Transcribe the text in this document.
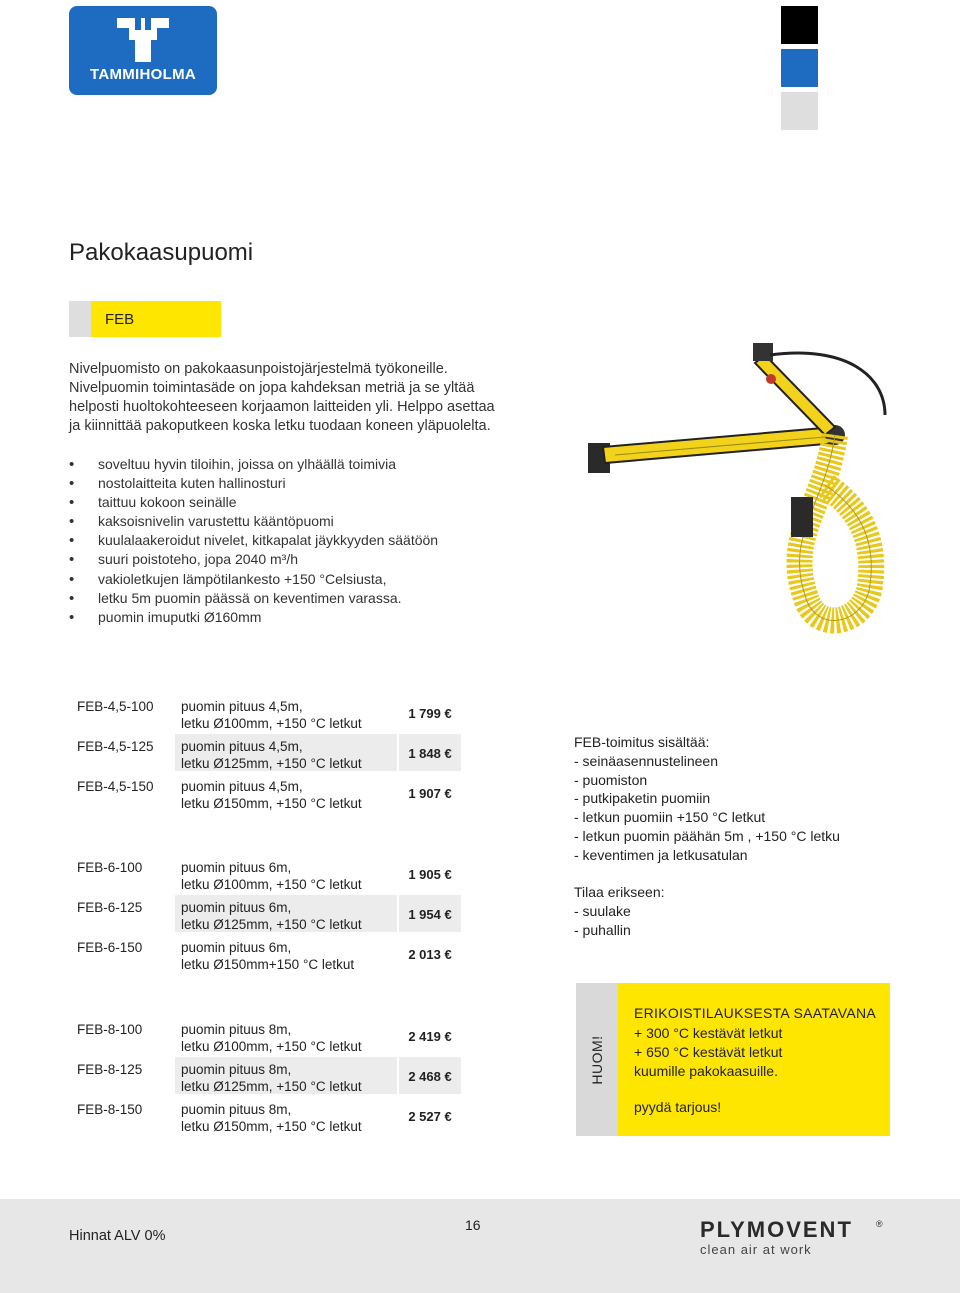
TAMMIHOLMA
Pakokaasupuomi
FEB
Nivelpuomisto on pakokaasunpoistojärjestelmä työkoneille. Nivelpuomin toimintasäde on jopa kahdeksan metriä ja se yltää helposti huoltokohteeseen korjaamon laitteiden yli. Helppo asettaa ja kiinnittää pakoputkeen koska letku tuodaan koneen yläpuolelta.
• soveltuu hyvin tiloihin, joissa on ylhäällä toimivia
• nostolaitteita kuten hallinosturi
• taittuu kokoon seinälle
• kaksoisnivelin varustettu kääntöpuomi
• kuulalaakeroidut nivelet, kitkapalat jäykkyyden säätöön
• suuri poistoteho, jopa 2040 m³/h
• vakioletkujen lämpötilankesto +150 °Celsiusta,
• letku 5m puomin päässä on keventimen varassa.
• puomin imuputki Ø160mm
FEB-4,5-100 puomin pituus 4,5m,
letku Ø100mm, +150 °C letkut
1 799 €
FEB-4,5-125 puomin pituus 4,5m,
letku Ø125mm, +150 °C letkut
1 848 €
FEB-4,5-150 puomin pituus 4,5m,
letku Ø150mm, +150 °C letkut
1 907 €
FEB-6-100	puomin pituus 6m,
letku Ø100mm, +150 °C letkut
1 905 €
FEB-6-125	puomin pituus 6m,
letku Ø125mm, +150 °C letkut
1 954 €
FEB-6-150	puomin pituus 6m,
letku Ø150mm+150 °C letkut
2 013 €
FEB-8-100	puomin pituus 8m,
letku Ø100mm, +150 °C letkut
2 419 €
FEB-8-125	puomin pituus 8m,
letku Ø125mm, +150 °C letkut
2 468 €
FEB-8-150	puomin pituus 8m,
letku Ø150mm, +150 °C letkut
2 527 €
FEB-toimitus sisältää:
- seinäasennustelineen
- puomiston
- putkipaketin puomiin
- letkun puomiin +150 °C letkut
- letkun puomin päähän 5m , +150 °C letku
- keventimen ja letkusatulan
Tilaa erikseen:
- suulake
- puhallin
HUOM!
ERIKOISTILAUKSESTA SAATAVANA
+ 300 °C kestävät letkut
+ 650 °C kestävät letkut
kuumille pakokaasuille.
pyydä tarjous!
Hinnat ALV 0%
16	PLYMOVENT	®
clean air at work
